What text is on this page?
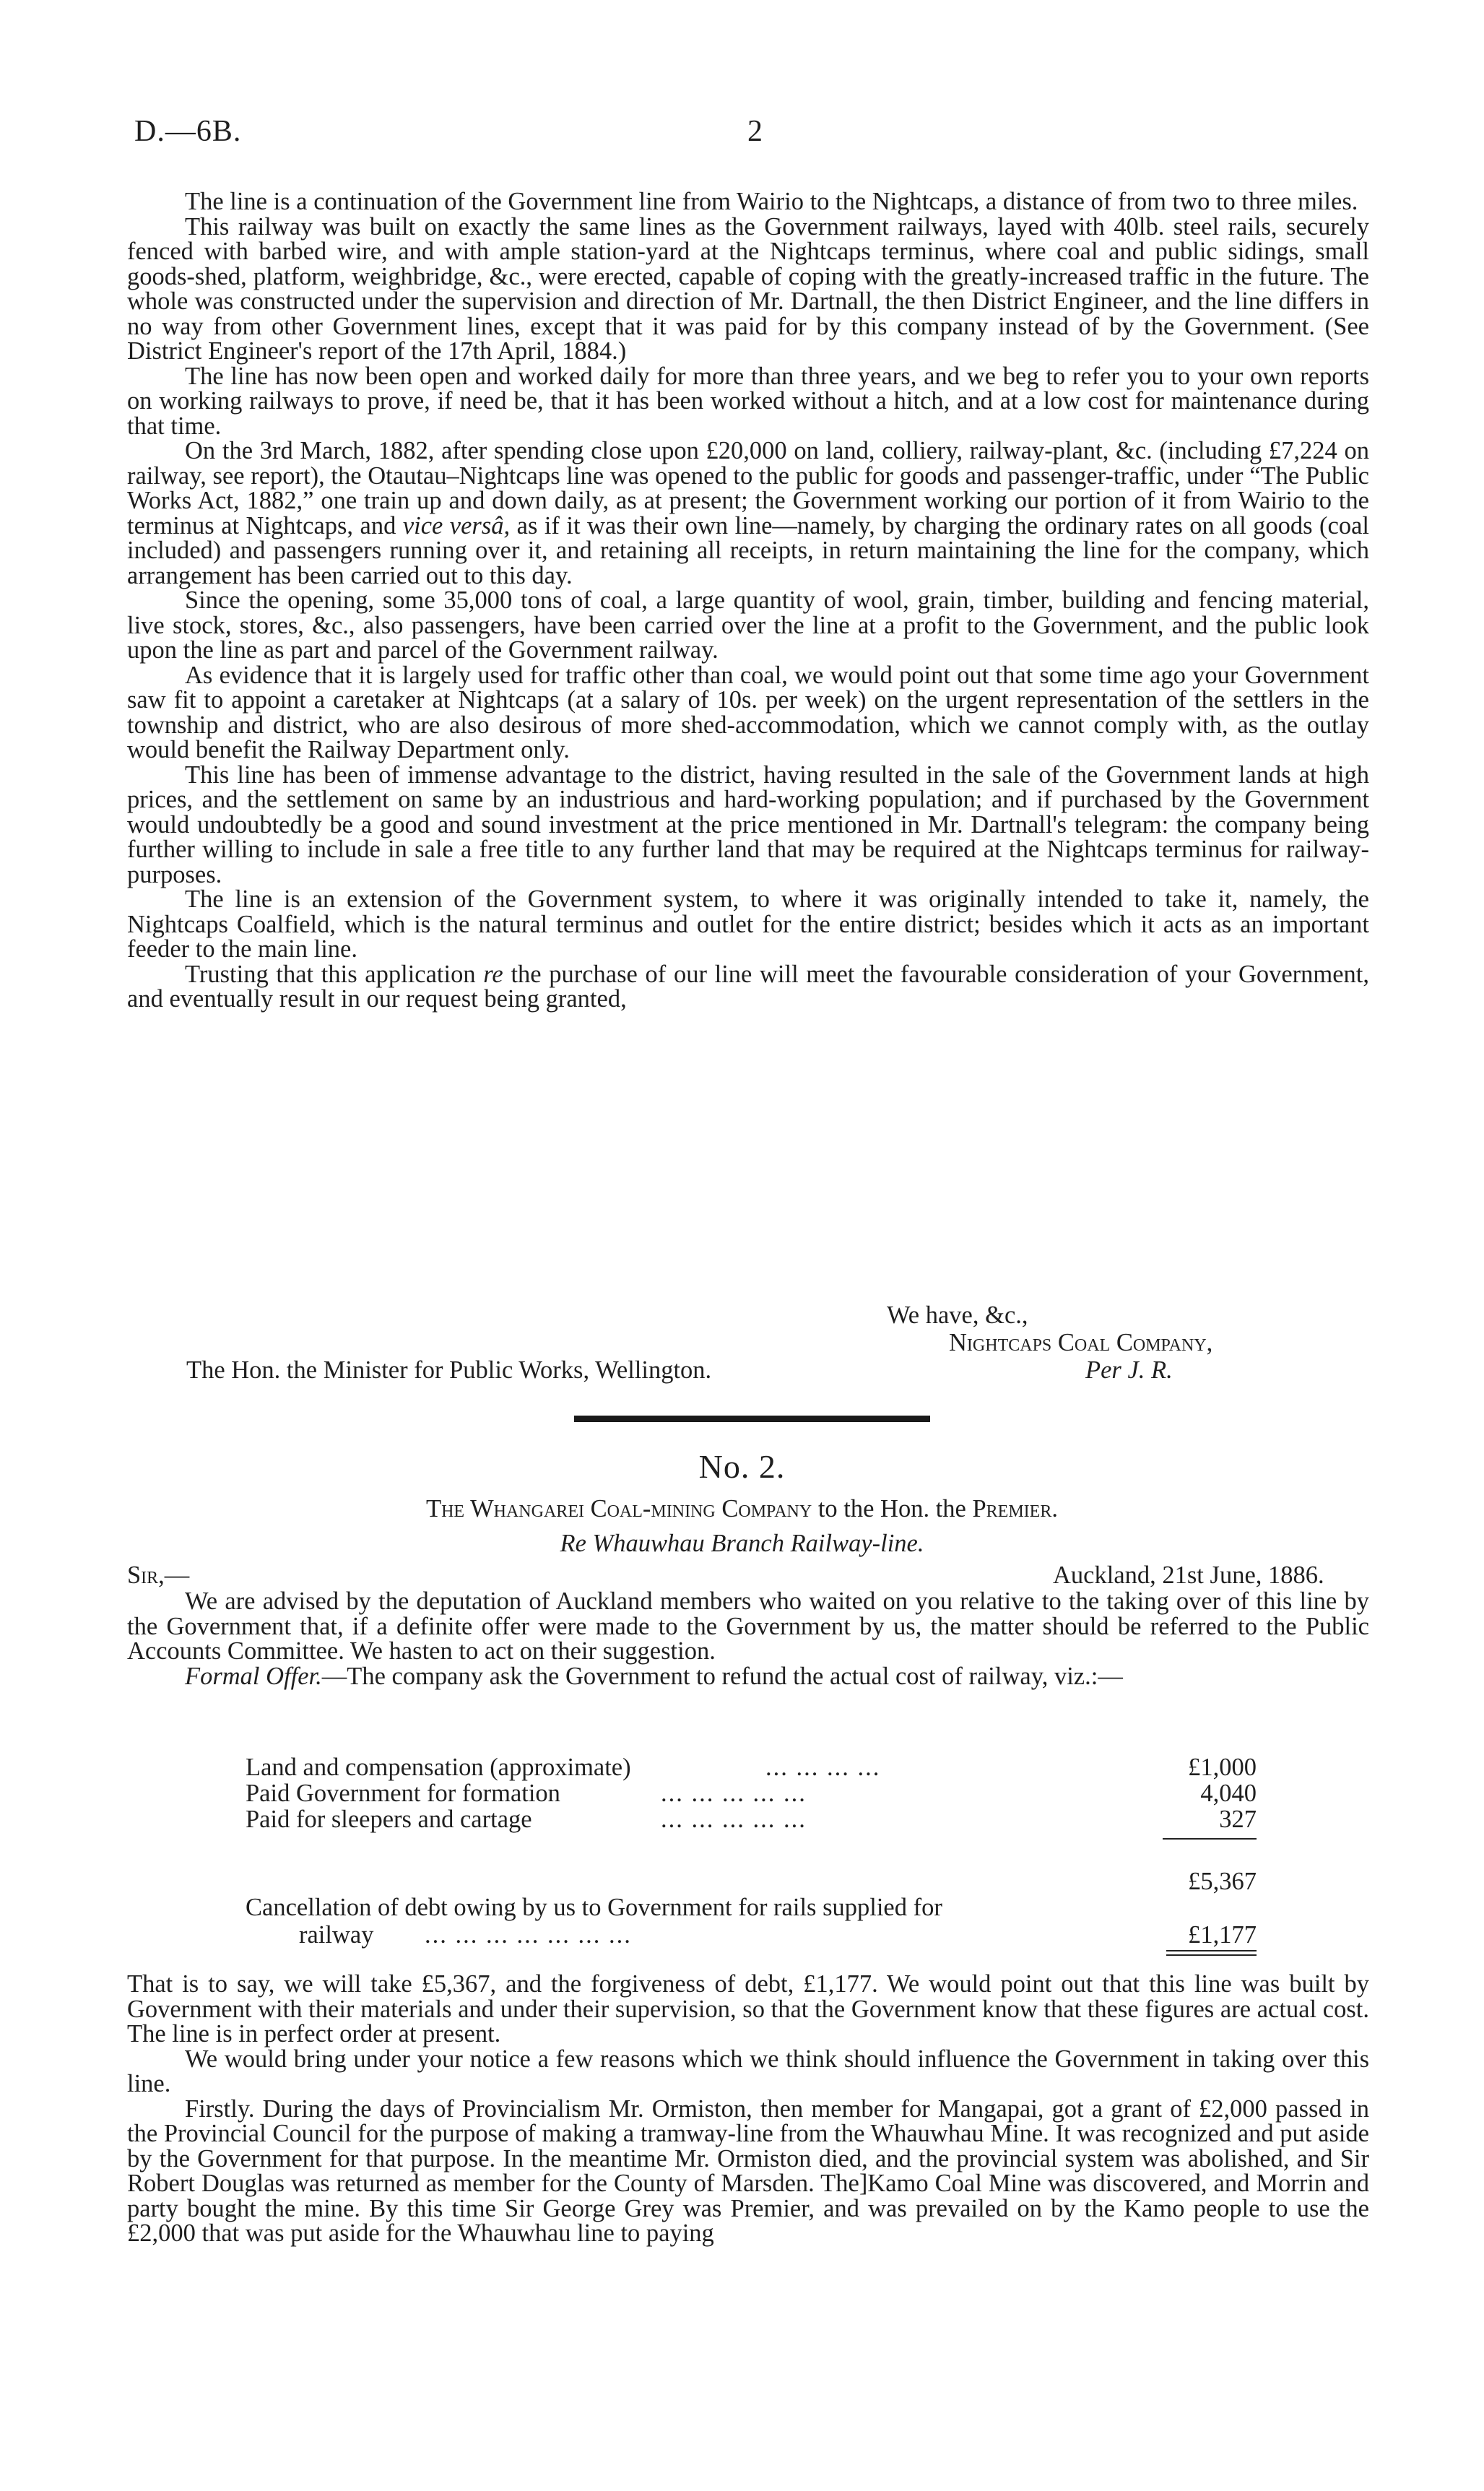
D.—6B.	2

The line is a continuation of the Government line from Wairio to the Nightcaps, a distance of from two to three miles.

This railway was built on exactly the same lines as the Government railways, layed with 40lb. steel rails, securely fenced with barbed wire, and with ample station-yard at the Nightcaps terminus, where coal and public sidings, small goods-shed, platform, weighbridge, &c., were erected, capable of coping with the greatly-increased traffic in the future. The whole was constructed under the supervision and direction of Mr. Dartnall, the then District Engineer, and the line differs in no way from other Government lines, except that it was paid for by this company instead of by the Government. (See District Engineer's report of the 17th April, 1884.)

The line has now been open and worked daily for more than three years, and we beg to refer you to your own reports on working railways to prove, if need be, that it has been worked without a hitch, and at a low cost for maintenance during that time.

On the 3rd March, 1882, after spending close upon £20,000 on land, colliery, railway-plant, &c. (including £7,224 on railway, see report), the Otautau–Nightcaps line was opened to the public for goods and passenger-traffic, under “The Public Works Act, 1882,” one train up and down daily, as at present; the Government working our portion of it from Wairio to the terminus at Nightcaps, and vice versâ, as if it was their own line—namely, by charging the ordinary rates on all goods (coal included) and passengers running over it, and retaining all receipts, in return maintaining the line for the company, which arrangement has been carried out to this day.

Since the opening, some 35,000 tons of coal, a large quantity of wool, grain, timber, building and fencing material, live stock, stores, &c., also passengers, have been carried over the line at a profit to the Government, and the public look upon the line as part and parcel of the Government railway.

As evidence that it is largely used for traffic other than coal, we would point out that some time ago your Government saw fit to appoint a caretaker at Nightcaps (at a salary of 10s. per week) on the urgent representation of the settlers in the township and district, who are also desirous of more shed-accommodation, which we cannot comply with, as the outlay would benefit the Railway Department only.

This line has been of immense advantage to the district, having resulted in the sale of the Government lands at high prices, and the settlement on same by an industrious and hard-working population; and if purchased by the Government would undoubtedly be a good and sound investment at the price mentioned in Mr. Dartnall's telegram: the company being further willing to include in sale a free title to any further land that may be required at the Nightcaps terminus for railway-purposes.

The line is an extension of the Government system, to where it was originally intended to take it, namely, the Nightcaps Coalfield, which is the natural terminus and outlet for the entire district; besides which it acts as an important feeder to the main line.

Trusting that this application re the purchase of our line will meet the favourable consideration of your Government, and eventually result in our request being granted,

We have, &c.,
Nightcaps Coal Company,
The Hon. the Minister for Public Works, Wellington.	Per J. R.
No. 2.
The Whangarei Coal-mining Company to the Hon. the Premier.
Re Whauwhau Branch Railway-line.
Sir,—	Auckland, 21st June, 1886.

We are advised by the deputation of Auckland members who waited on you relative to the taking over of this line by the Government that, if a definite offer were made to the Government by us, the matter should be referred to the Public Accounts Committee. We hasten to act on their suggestion.

Formal Offer.—The company ask the Government to refund the actual cost of railway, viz.:—

Land and compensation (approximate)	... ... ... ...	£1,000
Paid Government for formation	... ... ... ... ...	4,040
Paid for sleepers and cartage	... ... ... ... ...	327
£5,367
Cancellation of debt owing by us to Government for rails supplied for
railway ... ... ... ... ... ... ...	£1,177

That is to say, we will take £5,367, and the forgiveness of debt, £1,177. We would point out that this line was built by Government with their materials and under their supervision, so that the Government know that these figures are actual cost. The line is in perfect order at present.

We would bring under your notice a few reasons which we think should influence the Government in taking over this line.

Firstly. During the days of Provincialism Mr. Ormiston, then member for Mangapai, got a grant of £2,000 passed in the Provincial Council for the purpose of making a tramway-line from the Whauwhau Mine. It was recognized and put aside by the Government for that purpose. In the meantime Mr. Ormiston died, and the provincial system was abolished, and Sir Robert Douglas was returned as member for the County of Marsden. The]Kamo Coal Mine was discovered, and Morrin and party bought the mine. By this time Sir George Grey was Premier, and was prevailed on by the Kamo people to use the £2,000 that was put aside for the Whauwhau line to paying
